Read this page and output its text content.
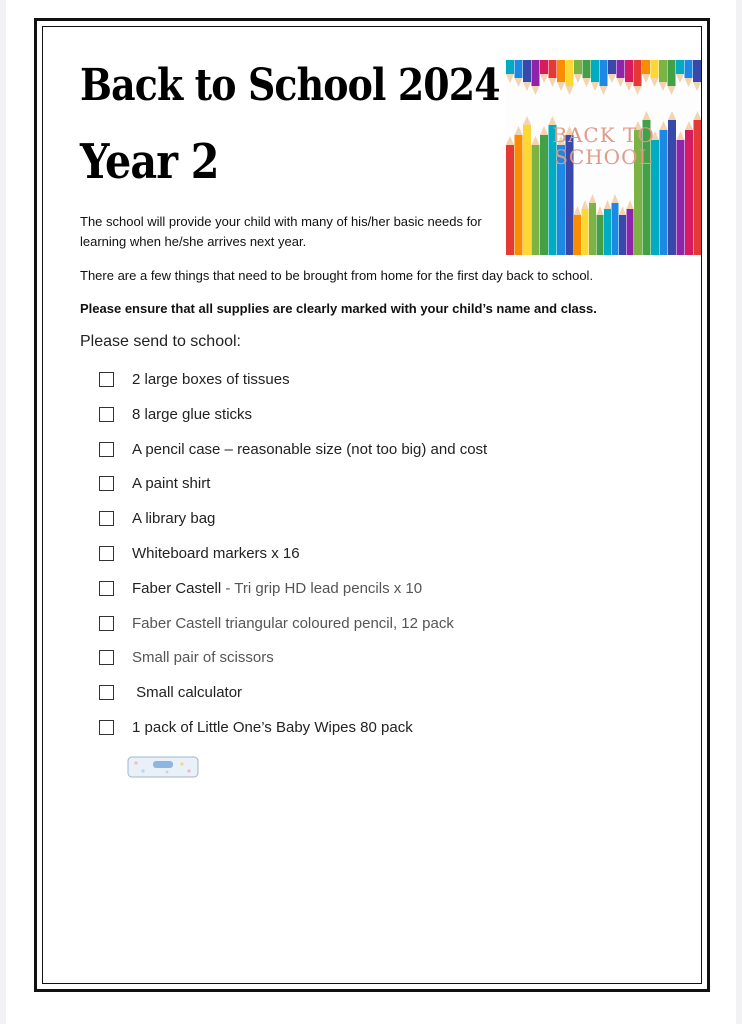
Back to School 2024
Year 2	BACK TO
SCHOOL

The school will provide your child with many of his/her basic needs for learning when he/she arrives next year.

There are a few things that need to be brought from home for the first day back to school.

Please ensure that all supplies are clearly marked with your child’s name and class.

Please send to school:
2 large boxes of tissues
8 large glue sticks
A pencil case – reasonable size (not too big) and cost
A paint shirt
A library bag
Whiteboard markers x 16
Faber Castell - Tri grip HD lead pencils x 10
Faber Castell triangular coloured pencil, 12 pack
Small pair of scissors
Small calculator
1 pack of Little One’s Baby Wipes 80 pack
